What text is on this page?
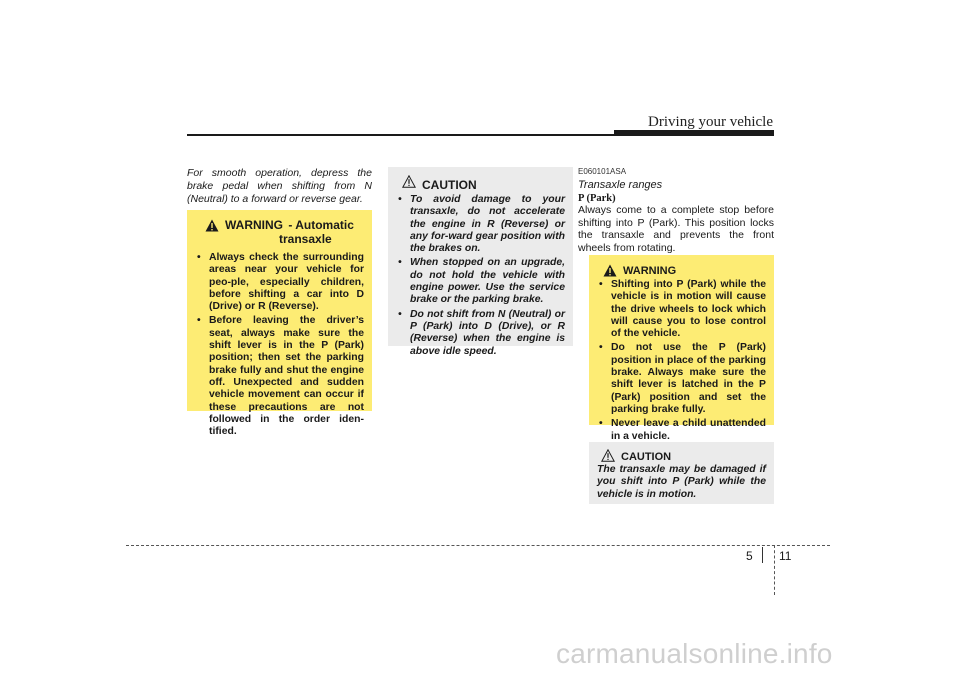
Driving your vehicle
For smooth operation, depress the brake pedal when shifting from N (Neutral) to a forward or reverse gear.
WARNING - Automatic
transaxle
• Always check the surrounding areas near your vehicle for peo-ple, especially children, before shifting a car into D (Drive) or R (Reverse).
• Before leaving the driver’s seat, always make sure the shift lever is in the P (Park) position; then set the parking brake fully and shut the engine off. Unexpected and sudden vehicle movement can occur if these precautions are not followed in the order iden-tified.
CAUTION
• To avoid damage to your transaxle, do not accelerate the engine in R (Reverse) or any for-ward gear position with the brakes on.
• When stopped on an upgrade, do not hold the vehicle with engine power. Use the service brake or the parking brake.
• Do not shift from N (Neutral) or P (Park) into D (Drive), or R (Reverse) when the engine is above idle speed.
E060101ASA
Transaxle ranges
P (Park)
Always come to a complete stop before shifting into P (Park). This position locks the transaxle and prevents the front wheels from rotating.
WARNING
• Shifting into P (Park) while the vehicle is in motion will cause the drive wheels to lock which will cause you to lose control of the vehicle.
• Do not use the P (Park) position in place of the parking brake. Always make sure the shift lever is latched in the P (Park) position and set the parking brake fully.
• Never leave a child unattended in a vehicle.
CAUTION
The transaxle may be damaged if you shift into P (Park) while the vehicle is in motion.
5 11
carmanualsonline.info
